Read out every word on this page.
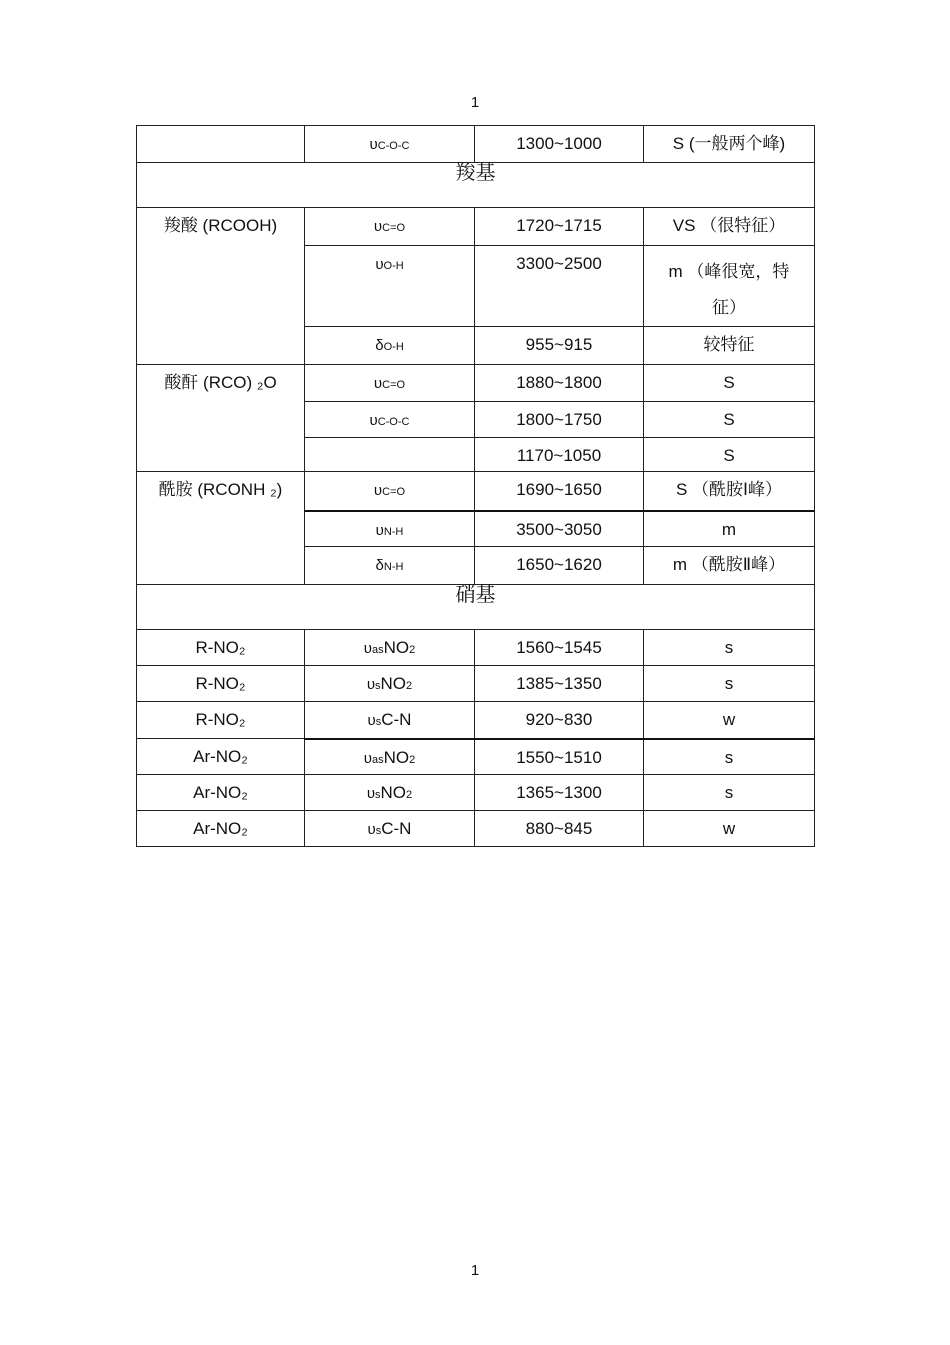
1
	υC-O-C	1300~1000	S (一般两个峰)
羧基			
羧酸 (RCOOH)	υC=O	1720~1715	VS （很特征）
	υO-H	3300~2500	m （峰很宽，特征）
	δO-H	955~915	较特征
酸酐 (RCO) ₂O	υC=O	1880~1800	S
	υC-O-C	1800~1750	S
		1170~1050	S
酰胺 (RCONH ₂)	υC=O	1690~1650	S （酰胺Ⅰ峰）
	υN-H	3500~3050	m
	δN-H	1650~1620	m （酰胺Ⅱ峰）
硝基			
R-NO₂	υasNO2	1560~1545	s
R-NO₂	υsNO2	1385~1350	s
R-NO₂	υsC-N	920~830	w
Ar-NO₂	υasNO2	1550~1510	s
Ar-NO₂	υsNO2	1365~1300	s
Ar-NO₂	υsC-N	880~845	w
1
